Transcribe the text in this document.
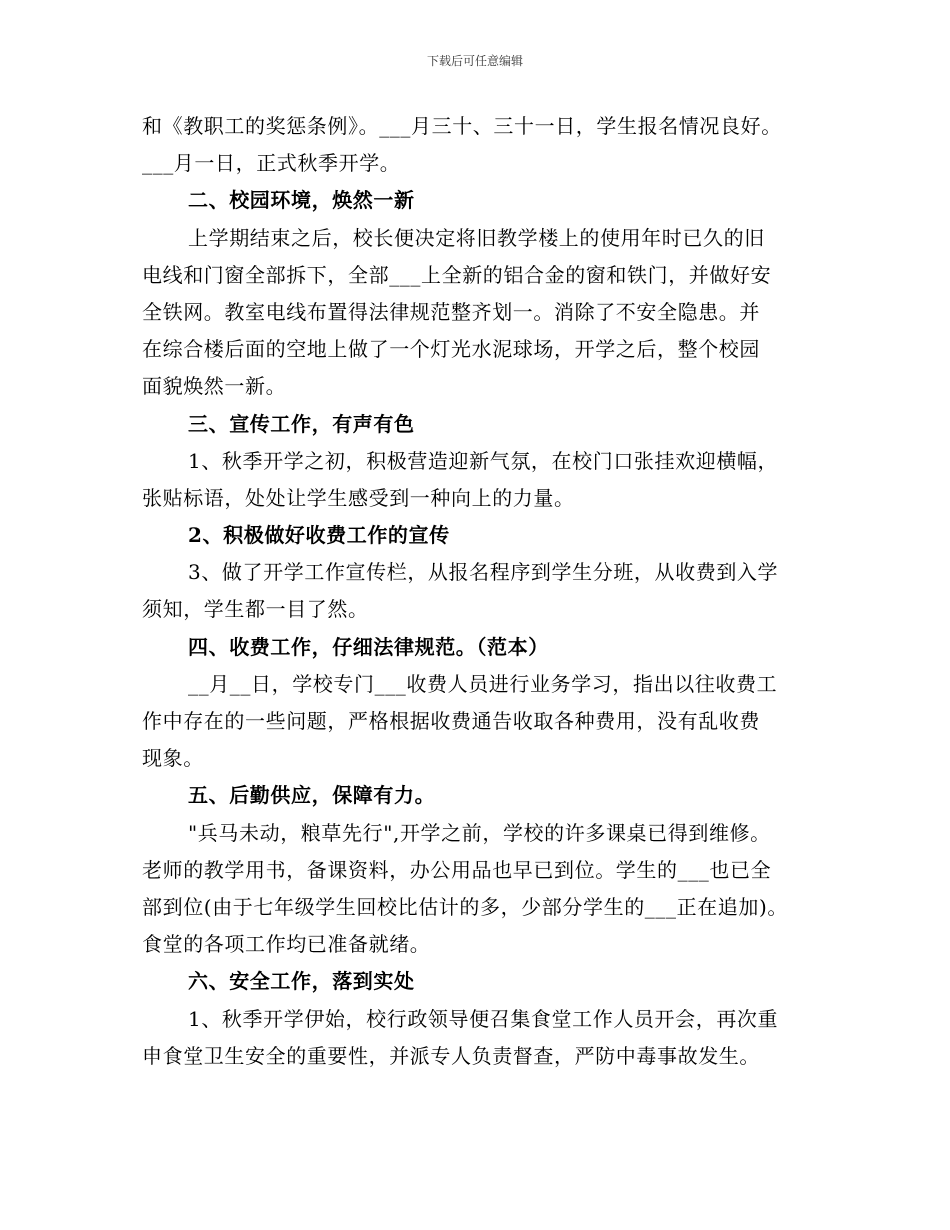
下载后可任意编辑
和《教职工的奖惩条例》。___月三十、三十一日，学生报名情况良好。
___月一日，正式秋季开学。
二、校园环境，焕然一新
上学期结束之后，校长便决定将旧教学楼上的使用年时已久的旧
电线和门窗全部拆下，全部___上全新的铝合金的窗和铁门，并做好安
全铁网。教室电线布置得法律规范整齐划一。消除了不安全隐患。并
在综合楼后面的空地上做了一个灯光水泥球场，开学之后，整个校园
面貌焕然一新。
三、宣传工作，有声有色
1、秋季开学之初，积极营造迎新气氛，在校门口张挂欢迎横幅，
张贴标语，处处让学生感受到一种向上的力量。
2、积极做好收费工作的宣传
3、做了开学工作宣传栏，从报名程序到学生分班，从收费到入学
须知，学生都一目了然。
四、收费工作，仔细法律规范。（范本）
__月__日，学校专门___收费人员进行业务学习，指出以往收费工
作中存在的一些问题，严格根据收费通告收取各种费用，没有乱收费
现象。
五、后勤供应，保障有力。
"兵马未动，粮草先行",开学之前，学校的许多课桌已得到维修。
老师的教学用书，备课资料，办公用品也早已到位。学生的___也已全
部到位(由于七年级学生回校比估计的多，少部分学生的___正在追加)。
食堂的各项工作均已准备就绪。
六、安全工作，落到实处
1、秋季开学伊始，校行政领导便召集食堂工作人员开会，再次重
申食堂卫生安全的重要性，并派专人负责督查，严防中毒事故发生。
